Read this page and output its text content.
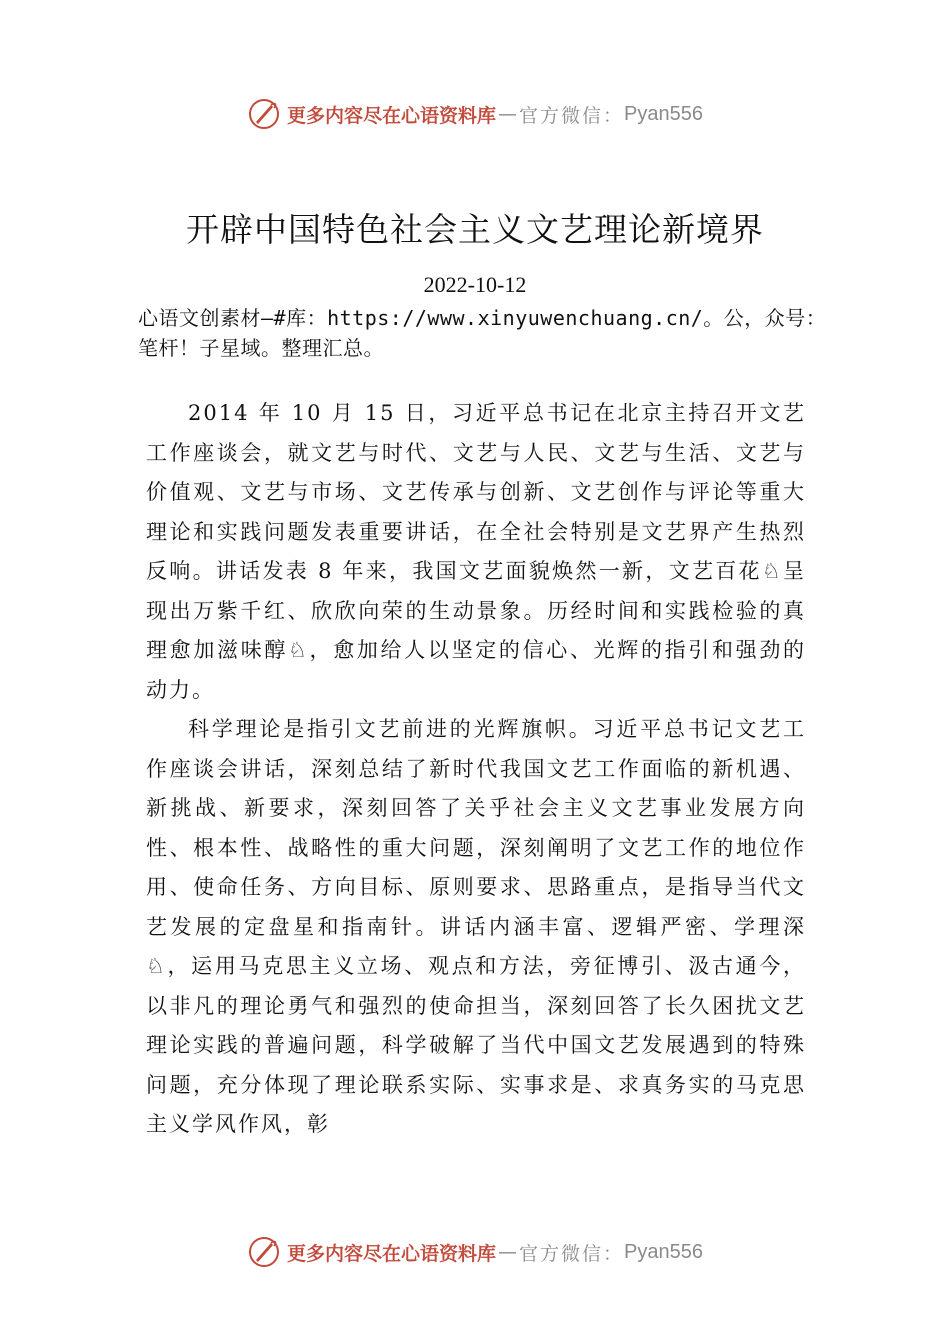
更多内容尽在心语资料库 — 官方微信： Pyan556
开辟中国特色社会主义文艺理论新境界
2022-10-12
心语文创素材—#库：https://www.xinyuwenchuang.cn/。公，众号：笔杆！子星域。整理汇总。

2014 年 10 月 15 日，习近平总书记在北京主持召开文艺工作座谈会，就文艺与时代、文艺与人民、文艺与生活、文艺与价值观、文艺与市场、文艺传承与创新、文艺创作与评论等重大理论和实践问题发表重要讲话，在全社会特别是文艺界产生热烈反响。讲话发表 8 年来，我国文艺面貌焕然一新，文艺百花♘呈现出万紫千红、欣欣向荣的生动景象。历经时间和实践检验的真理愈加滋味醇♘，愈加给人以坚定的信心、光辉的指引和强劲的动力。

科学理论是指引文艺前进的光辉旗帜。习近平总书记文艺工作座谈会讲话，深刻总结了新时代我国文艺工作面临的新机遇、新挑战、新要求，深刻回答了关乎社会主义文艺事业发展方向性、根本性、战略性的重大问题，深刻阐明了文艺工作的地位作用、使命任务、方向目标、原则要求、思路重点，是指导当代文艺发展的定盘星和指南针。讲话内涵丰富、逻辑严密、学理深♘，运用马克思主义立场、观点和方法，旁征博引、汲古通今，以非凡的理论勇气和强烈的使命担当，深刻回答了长久困扰文艺理论实践的普遍问题，科学破解了当代中国文艺发展遇到的特殊问题，充分体现了理论联系实际、实事求是、求真务实的马克思主义学风作风，彰

更多内容尽在心语资料库 — 官方微信： Pyan556
